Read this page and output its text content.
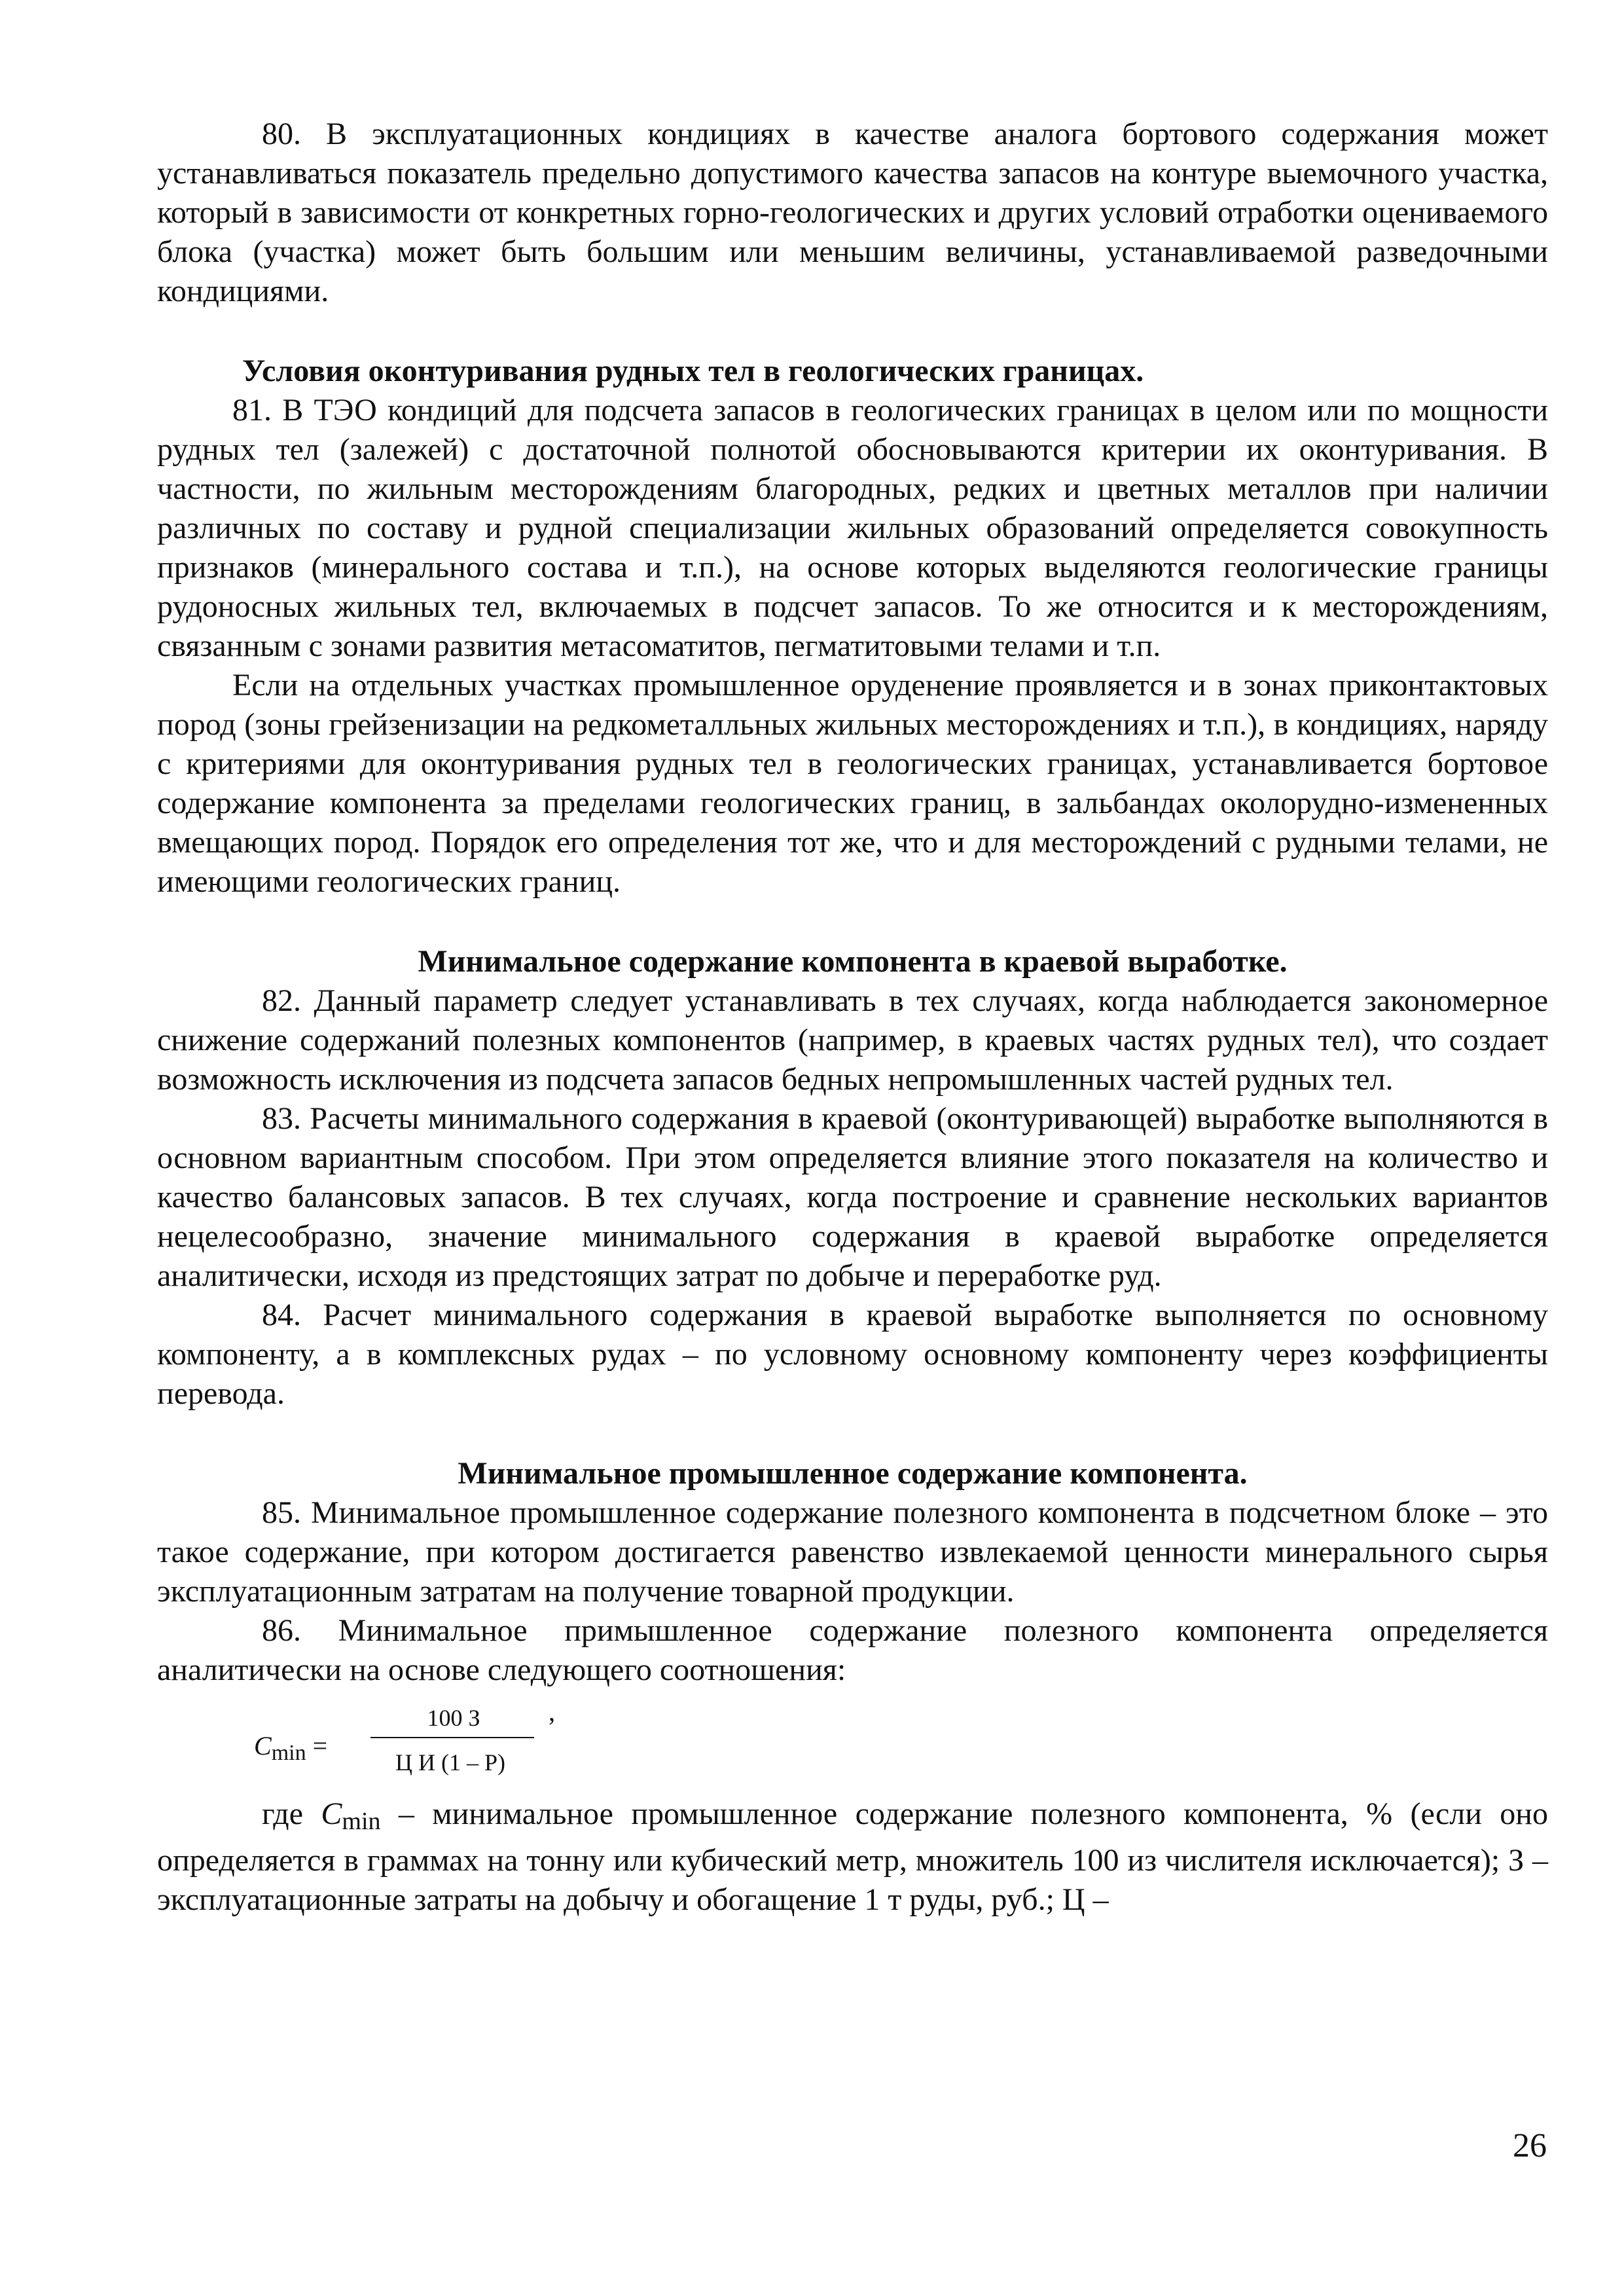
80. В эксплуатационных кондициях в качестве аналога бортового содержания может устанавливаться показатель предельно допустимого качества запасов на контуре выемочного участка, который в зависимости от конкретных горно-геологических и других условий отработки оцениваемого блока (участка) может быть большим или меньшим величины, устанавливаемой разведочными кондициями.

Условия оконтуривания рудных тел в геологических границах.

81. В ТЭО кондиций для подсчета запасов в геологических границах в целом или по мощности рудных тел (залежей) с достаточной полнотой обосновываются критерии их оконтуривания. В частности, по жильным месторождениям благородных, редких и цветных металлов при наличии различных по составу и рудной специализации жильных образований определяется совокупность признаков (минерального состава и т.п.), на основе которых выделяются геологические границы рудоносных жильных тел, включаемых в подсчет запасов. То же относится и к месторождениям, связанным с зонами развития метасоматитов, пегматитовыми телами и т.п.

Если на отдельных участках промышленное оруденение проявляется и в зонах приконтактовых пород (зоны грейзенизации на редкометалльных жильных месторождениях и т.п.), в кондициях, наряду с критериями для оконтуривания рудных тел в геологических границах, устанавливается бортовое содержание компонента за пределами геологических границ, в зальбандах околорудно-измененных вмещающих пород. Порядок его определения тот же, что и для месторождений с рудными телами, не имеющими геологических границ.

Минимальное содержание компонента в краевой выработке.

82. Данный параметр следует устанавливать в тех случаях, когда наблюдается закономерное снижение содержаний полезных компонентов (например, в краевых частях рудных тел), что создает возможность исключения из подсчета запасов бедных непромышленных частей рудных тел.

83. Расчеты минимального содержания в краевой (оконтуривающей) выработке выполняются в основном вариантным способом. При этом определяется влияние этого показателя на количество и качество балансовых запасов. В тех случаях, когда построение и сравнение нескольких вариантов нецелесообразно, значение минимального содержания в краевой выработке определяется аналитически, исходя из предстоящих затрат по добыче и переработке руд.

84. Расчет минимального содержания в краевой выработке выполняется по основному компоненту, а в комплексных рудах – по условному основному компоненту через коэффициенты перевода.

Минимальное промышленное содержание компонента.

85. Минимальное промышленное содержание полезного компонента в подсчетном блоке – это такое содержание, при котором достигается равенство извлекаемой ценности минерального сырья эксплуатационным затратам на получение товарной продукции.

86. Минимальное примышленное содержание полезного компонента определяется аналитически на основе следующего соотношения:

$C_{min}$ =
100 З
Ц И (1 – Р)
,

где $C_{min}$ – минимальное промышленное содержание полезного компонента, % (если оно определяется в граммах на тонну или кубический метр, множитель 100 из числителя исключается); З – эксплуатационные затраты на добычу и обогащение 1 т руды, руб.; Ц –

26
